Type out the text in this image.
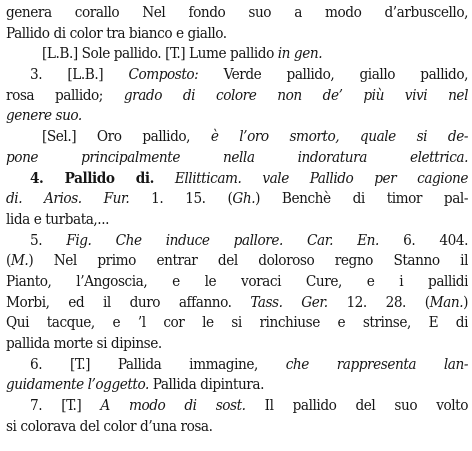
genera corallo Nel fondo suo a modo d’arbuscello,
Pallido di color tra bianco e giallo.
[L.B.] Sole pallido. [T.] Lume pallido in gen.
3. [L.B.] Composto: Verde pallido, giallo pallido,
rosa pallido; grado di colore non de’ più vivi nel
genere suo.
[Sel.] Oro pallido, è l’oro smorto, quale si de-
pone principalmente nella indoratura elettrica.
4. Pallido di. Ellitticam. vale Pallido per cagione
di. Arios. Fur. 1. 15. (Gh.) Benchè di timor pal-
lida e turbata,...
5. Fig. Che induce pallore. Car. En. 6. 404.
(M.) Nel primo entrar del doloroso regno Stanno il
Pianto, l’Angoscia, e le voraci Cure, e i pallidi
Morbi, ed il duro affanno. Tass. Ger. 12. 28. (Man.)
Qui tacque, e ’l cor le si rinchiuse e strinse, E di
pallida morte si dipinse.
6. [T.] Pallida immagine, che rappresenta lan-
guidamente l’oggetto. Pallida dipintura.
7. [T.] A modo di sost. Il pallido del suo volto
si colorava del color d’una rosa.
